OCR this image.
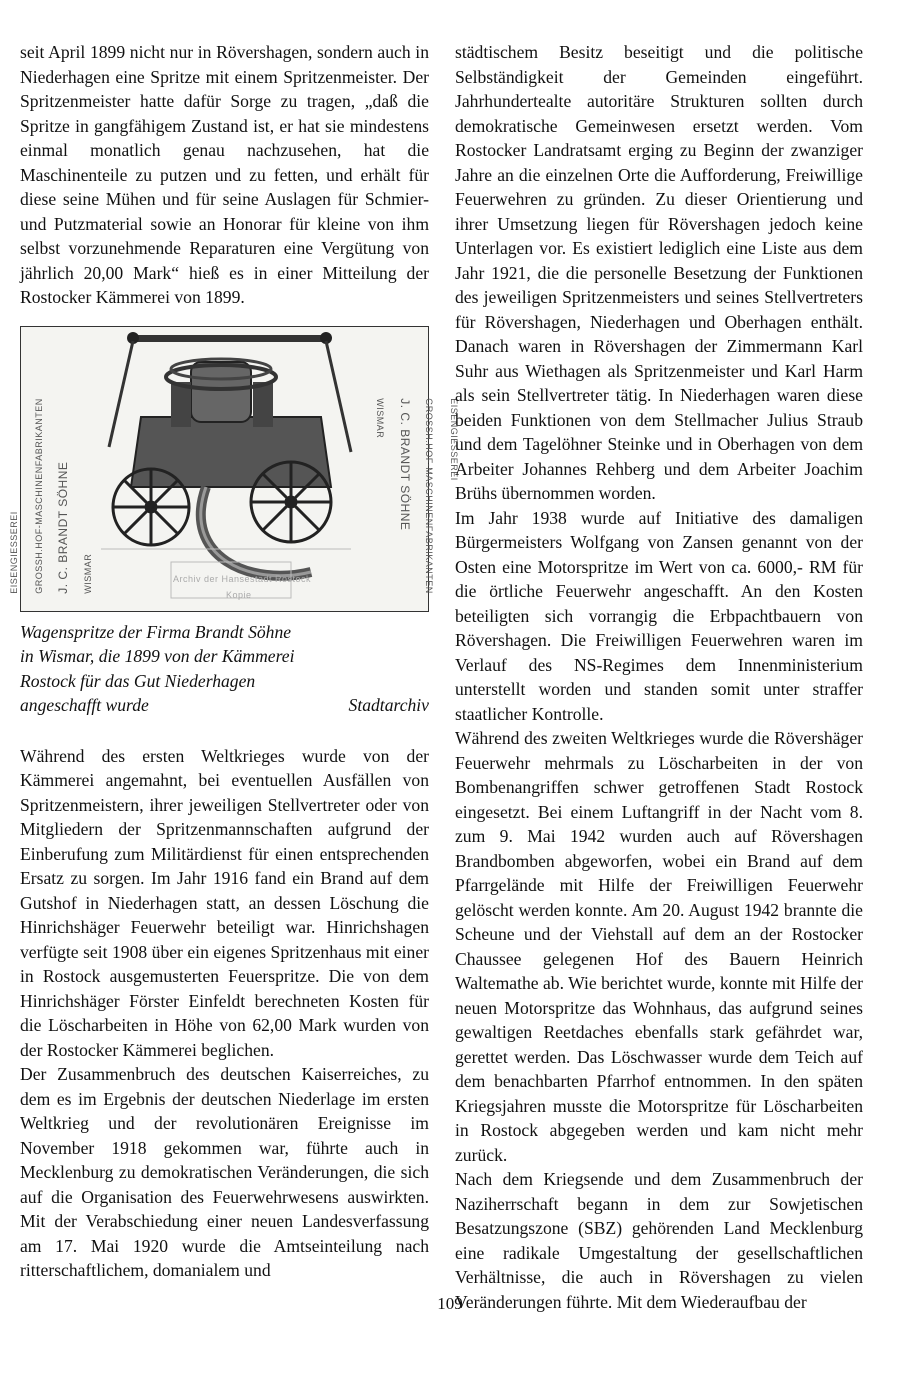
seit April 1899 nicht nur in Rövershagen, sondern auch in Niederhagen eine Spritze mit einem Spritzenmeister. Der Spritzenmeister hatte dafür Sorge zu tragen, „daß die Spritze in gangfähigem Zustand ist, er hat sie mindestens einmal monatlich genau nachzusehen, hat die Maschinenteile zu putzen und zu fetten, und erhält für diese seine Mühen und für seine Auslagen für Schmier- und Putzmaterial sowie an Honorar für kleine von ihm selbst vorzunehmende Reparaturen eine Vergütung von jährlich 20,00 Mark“ hieß es in einer Mitteilung der Rostocker Kämmerei von 1899.

EISENGIESSEREI	GROSSH.HOF-MASCHINENFABRIKANTEN	J. C. BRANDT SÖHNE	WISMAR
EISENGIESSEREI
GROSSH.HOF-MASCHINENFABRIKANTEN
J. C. BRANDT SÖHNE
WISMAR
Archiv der Hansestadt Rostock
Kopie
Wagenspritze der Firma Brandt Söhne
in Wismar, die 1899 von der Kämmerei
Rostock für das Gut Niederhagen
angeschafft wurde	Stadtarchiv

Während des ersten Weltkrieges wurde von der Kämmerei angemahnt, bei eventuellen Ausfällen von Spritzenmeistern, ihrer jeweiligen Stellvertreter oder von Mitgliedern der Spritzenmannschaften aufgrund der Einberufung zum Militärdienst für einen entsprechenden Ersatz zu sorgen. Im Jahr 1916 fand ein Brand auf dem Gutshof in Niederhagen statt, an dessen Löschung die Hinrichshäger Feuerwehr beteiligt war. Hinrichshagen verfügte seit 1908 über ein eigenes Spritzenhaus mit einer in Rostock ausgemusterten Feuerspritze. Die von dem Hinrichshäger Förster Einfeldt berechneten Kosten für die Löscharbeiten in Höhe von 62,00 Mark wurden von der Rostocker Kämmerei beglichen.

Der Zusammenbruch des deutschen Kaiserreiches, zu dem es im Ergebnis der deutschen Niederlage im ersten Weltkrieg und der revolutionären Ereignisse im November 1918 gekommen war, führte auch in Mecklenburg zu demokratischen Veränderungen, die sich auf die Organisation des Feuerwehrwesens auswirkten. Mit der Verabschiedung einer neuen Landesverfassung am 17. Mai 1920 wurde die Amtseinteilung nach ritterschaftlichem, domanialem und

städtischem Besitz beseitigt und die politische Selbständigkeit der Gemeinden eingeführt. Jahrhundertealte autoritäre Strukturen sollten durch demokratische Gemeinwesen ersetzt werden. Vom Rostocker Landratsamt erging zu Beginn der zwanziger Jahre an die einzelnen Orte die Aufforderung, Freiwillige Feuerwehren zu gründen. Zu dieser Orientierung und ihrer Umsetzung liegen für Rövershagen jedoch keine Unterlagen vor. Es existiert lediglich eine Liste aus dem Jahr 1921, die die personelle Besetzung der Funktionen des jeweiligen Spritzenmeisters und seines Stellvertreters für Rövershagen, Niederhagen und Oberhagen enthält. Danach waren in Rövershagen der Zimmermann Karl Suhr aus Wiethagen als Spritzenmeister und Karl Harm als sein Stellvertreter tätig. In Niederhagen waren diese beiden Funktionen von dem Stellmacher Julius Straub und dem Tagelöhner Steinke und in Oberhagen von dem Arbeiter Johannes Rehberg und dem Arbeiter Joachim Brühs übernommen worden.

Im Jahr 1938 wurde auf Initiative des damaligen Bürgermeisters Wolfgang von Zansen genannt von der Osten eine Motorspritze im Wert von ca. 6000,- RM für die örtliche Feuerwehr angeschafft. An den Kosten beteiligten sich vorrangig die Erbpachtbauern von Rövershagen. Die Freiwilligen Feuerwehren waren im Verlauf des NS-Regimes dem Innenministerium unterstellt worden und standen somit unter straffer staatlicher Kontrolle.

Während des zweiten Weltkrieges wurde die Rövershäger Feuerwehr mehrmals zu Löscharbeiten in der von Bombenangriffen schwer getroffenen Stadt Rostock eingesetzt. Bei einem Luftangriff in der Nacht vom 8. zum 9. Mai 1942 wurden auch auf Rövershagen Brandbomben abgeworfen, wobei ein Brand auf dem Pfarrgelände mit Hilfe der Freiwilligen Feuerwehr gelöscht werden konnte. Am 20. August 1942 brannte die Scheune und der Viehstall auf dem an der Rostocker Chaussee gelegenen Hof des Bauern Heinrich Waltemathe ab. Wie berichtet wurde, konnte mit Hilfe der neuen Motorspritze das Wohnhaus, das aufgrund seines gewaltigen Reetdaches ebenfalls stark gefährdet war, gerettet werden. Das Löschwasser wurde dem Teich auf dem benachbarten Pfarrhof entnommen. In den späten Kriegsjahren musste die Motorspritze für Löscharbeiten in Rostock abgegeben werden und kam nicht mehr zurück.

Nach dem Kriegsende und dem Zusammenbruch der Naziherrschaft begann in dem zur Sowjetischen Besatzungszone (SBZ) gehörenden Land Mecklenburg eine radikale Umgestaltung der gesellschaftlichen Verhältnisse, die auch in Rövershagen zu vielen Veränderungen führte. Mit dem Wiederaufbau der

109
